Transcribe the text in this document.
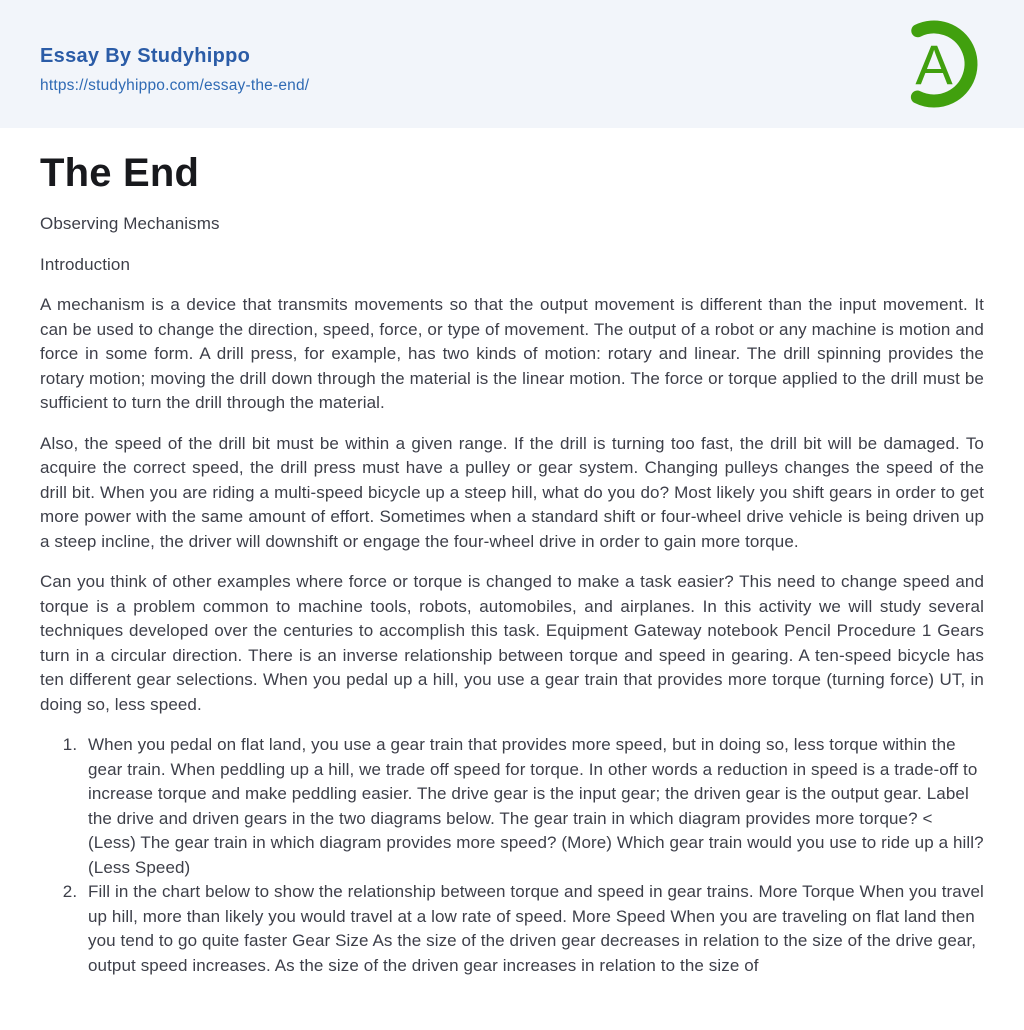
Essay By Studyhippo
https://studyhippo.com/essay-the-end/	A
The End

Observing Mechanisms

Introduction

A mechanism is a device that transmits movements so that the output movement is different than the input movement. It can be used to change the direction, speed, force, or type of movement. The output of a robot or any machine is motion and force in some form. A drill press, for example, has two kinds of motion: rotary and linear. The drill spinning provides the rotary motion; moving the drill down through the material is the linear motion. The force or torque applied to the drill must be sufficient to turn the drill through the material.

Also, the speed of the drill bit must be within a given range. If the drill is turning too fast, the drill bit will be damaged. To acquire the correct speed, the drill press must have a pulley or gear system. Changing pulleys changes the speed of the drill bit. When you are riding a multi-speed bicycle up a steep hill, what do you do? Most likely you shift gears in order to get more power with the same amount of effort. Sometimes when a standard shift or four-wheel drive vehicle is being driven up a steep incline, the driver will downshift or engage the four-wheel drive in order to gain more torque.

Can you think of other examples where force or torque is changed to make a task easier? This need to change speed and torque is a problem common to machine tools, robots, automobiles, and airplanes. In this activity we will study several techniques developed over the centuries to accomplish this task. Equipment Gateway notebook Pencil Procedure 1 Gears turn in a circular direction. There is an inverse relationship between torque and speed in gearing. A ten-speed bicycle has ten different gear selections. When you pedal up a hill, you use a gear train that provides more torque (turning force) UT, in doing so, less speed.

1. When you pedal on flat land, you use a gear train that provides more speed, but in doing so, less torque within the gear train. When peddling up a hill, we trade off speed for torque. In other words a reduction in speed is a trade-off to increase torque and make peddling easier. The drive gear is the input gear; the driven gear is the output gear. Label the drive and driven gears in the two diagrams below. The gear train in which diagram provides more torque? < (Less) The gear train in which diagram provides more speed? (More) Which gear train would you use to ride up a hill? (Less Speed)
2. Fill in the chart below to show the relationship between torque and speed in gear trains. More Torque When you travel up hill, more than likely you would travel at a low rate of speed. More Speed When you are traveling on flat land then you tend to go quite faster Gear Size As the size of the driven gear decreases in relation to the size of the drive gear, output speed increases. As the size of the driven gear increases in relation to the size of
